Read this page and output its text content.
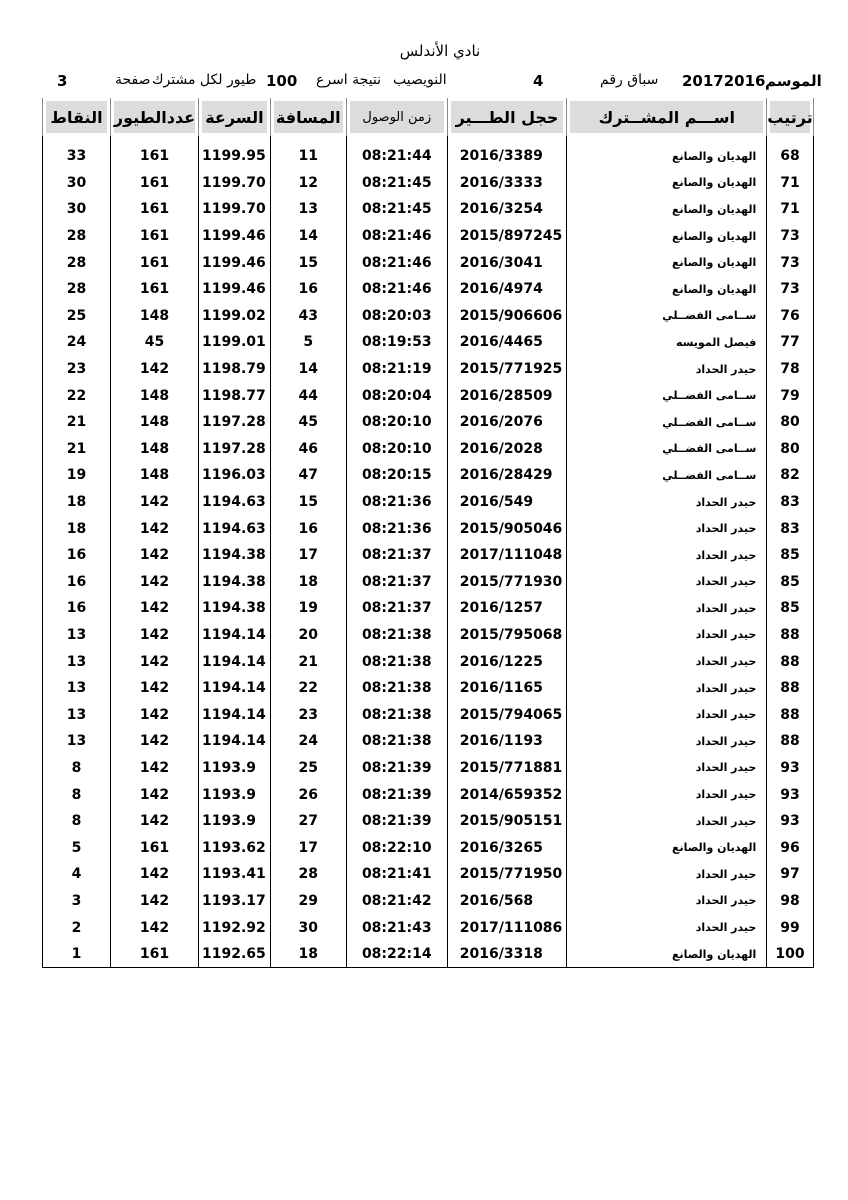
نادي الأندلس
الموسم
20172016
سباق رقم
4
النويصيب
نتيجة اسرع
100
طيور لكل مشترك
صفحة
3
ترتيب	اســـم المشــترك	حجل الطـــير	زمن الوصول	المسافة	السرعة	عددالطيور	النقاط

68	الهديان والصانع	2016/3389	08:21:44	11	1199.95	161	33
71	الهديان والصانع	2016/3333	08:21:45	12	1199.70	161	30
71	الهديان والصانع	2016/3254	08:21:45	13	1199.70	161	30
73	الهديان والصانع	2015/897245	08:21:46	14	1199.46	161	28
73	الهديان والصانع	2016/3041	08:21:46	15	1199.46	161	28
73	الهديان والصانع	2016/4974	08:21:46	16	1199.46	161	28
76	ســامى الفضــلي	2015/906606	08:20:03	43	1199.02	148	25
77	فيصل المويسه	2016/4465	08:19:53	5	1199.01	45	24
78	حيدر الحداد	2015/771925	08:21:19	14	1198.79	142	23
79	ســامى الفضــلي	2016/28509	08:20:04	44	1198.77	148	22
80	ســامى الفضــلي	2016/2076	08:20:10	45	1197.28	148	21
80	ســامى الفضــلي	2016/2028	08:20:10	46	1197.28	148	21
82	ســامى الفضــلي	2016/28429	08:20:15	47	1196.03	148	19
83	حيدر الحداد	2016/549	08:21:36	15	1194.63	142	18
83	حيدر الحداد	2015/905046	08:21:36	16	1194.63	142	18
85	حيدر الحداد	2017/111048	08:21:37	17	1194.38	142	16
85	حيدر الحداد	2015/771930	08:21:37	18	1194.38	142	16
85	حيدر الحداد	2016/1257	08:21:37	19	1194.38	142	16
88	حيدر الحداد	2015/795068	08:21:38	20	1194.14	142	13
88	حيدر الحداد	2016/1225	08:21:38	21	1194.14	142	13
88	حيدر الحداد	2016/1165	08:21:38	22	1194.14	142	13
88	حيدر الحداد	2015/794065	08:21:38	23	1194.14	142	13
88	حيدر الحداد	2016/1193	08:21:38	24	1194.14	142	13
93	حيدر الحداد	2015/771881	08:21:39	25	1193.9	142	8
93	حيدر الحداد	2014/659352	08:21:39	26	1193.9	142	8
93	حيدر الحداد	2015/905151	08:21:39	27	1193.9	142	8
96	الهديان والصانع	2016/3265	08:22:10	17	1193.62	161	5
97	حيدر الحداد	2015/771950	08:21:41	28	1193.41	142	4
98	حيدر الحداد	2016/568	08:21:42	29	1193.17	142	3
99	حيدر الحداد	2017/111086	08:21:43	30	1192.92	142	2
100	الهديان والصانع	2016/3318	08:22:14	18	1192.65	161	1
